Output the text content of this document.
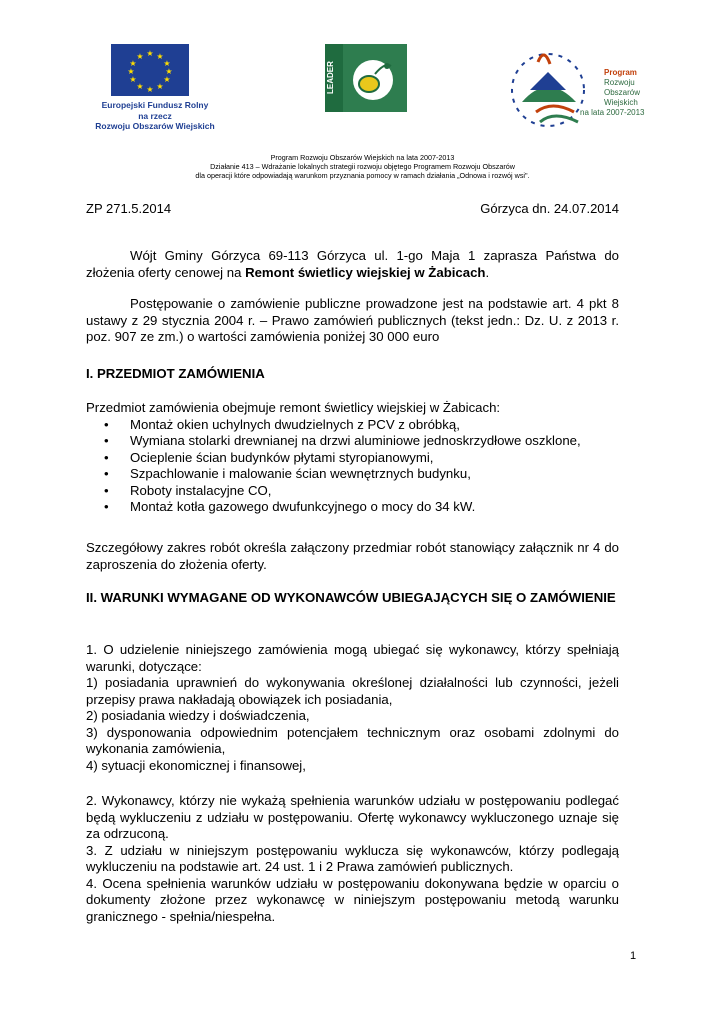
★ ★
★
★
★
★
★
★
★
★
★
★
Europejski Fundusz Rolny
na rzecz
Rozwoju Obszarów Wiejskich
LEADER	Program
Rozwoju
Obszarów
Wiejskich
na lata 2007-2013
Program Rozwoju Obszarów Wiejskich na lata 2007-2013
Działanie 413 – Wdrażanie lokalnych strategii rozwoju objętego Programem Rozwoju Obszarów
dla operacji które odpowiadają warunkom przyznania pomocy w ramach działania „Odnowa i rozwój wsi".
ZP 271.5.2014	Górzyca dn. 24.07.2014
Wójt Gminy Górzyca 69-113 Górzyca ul. 1-go Maja 1 zaprasza Państwa do złożenia oferty cenowej na Remont świetlicy wiejskiej w Żabicach.
Postępowanie o zamówienie publiczne prowadzone jest na podstawie art. 4 pkt 8 ustawy z 29 stycznia 2004 r. – Prawo zamówień publicznych (tekst jedn.: Dz. U. z 2013 r. poz. 907 ze zm.) o wartości zamówienia poniżej 30 000 euro
I. PRZEDMIOT ZAMÓWIENIA
Przedmiot zamówienia obejmuje remont świetlicy wiejskiej w Żabicach:
• Montaż okien uchylnych dwudzielnych z PCV z obróbką,
• Wymiana stolarki drewnianej na drzwi aluminiowe jednoskrzydłowe oszklone,
• Ocieplenie ścian budynków płytami styropianowymi,
• Szpachlowanie i malowanie ścian wewnętrznych budynku,
• Roboty instalacyjne CO,
• Montaż kotła gazowego dwufunkcyjnego o mocy do 34 kW.
Szczegółowy zakres robót określa załączony przedmiar robót stanowiący załącznik nr 4 do zaproszenia do złożenia oferty.
II. WARUNKI WYMAGANE OD WYKONAWCÓW UBIEGAJĄCYCH SIĘ O ZAMÓWIENIE
1. O udzielenie niniejszego zamówienia mogą ubiegać się wykonawcy, którzy spełniają warunki, dotyczące:
1) posiadania uprawnień do wykonywania określonej działalności lub czynności, jeżeli przepisy prawa nakładają obowiązek ich posiadania,
2) posiadania wiedzy i doświadczenia,
3) dysponowania odpowiednim potencjałem technicznym oraz osobami zdolnymi do wykonania zamówienia,
4) sytuacji ekonomicznej i finansowej,
2. Wykonawcy, którzy nie wykażą spełnienia warunków udziału w postępowaniu podlegać będą wykluczeniu z udziału w postępowaniu. Ofertę wykonawcy wykluczonego uznaje się za odrzuconą.
3. Z udziału w niniejszym postępowaniu wyklucza się wykonawców, którzy podlegają wykluczeniu na podstawie art. 24 ust. 1 i 2 Prawa zamówień publicznych.
4. Ocena spełnienia warunków udziału w postępowaniu dokonywana będzie w oparciu o dokumenty złożone przez wykonawcę w niniejszym postępowaniu metodą warunku granicznego - spełnia/niespełna.
1
